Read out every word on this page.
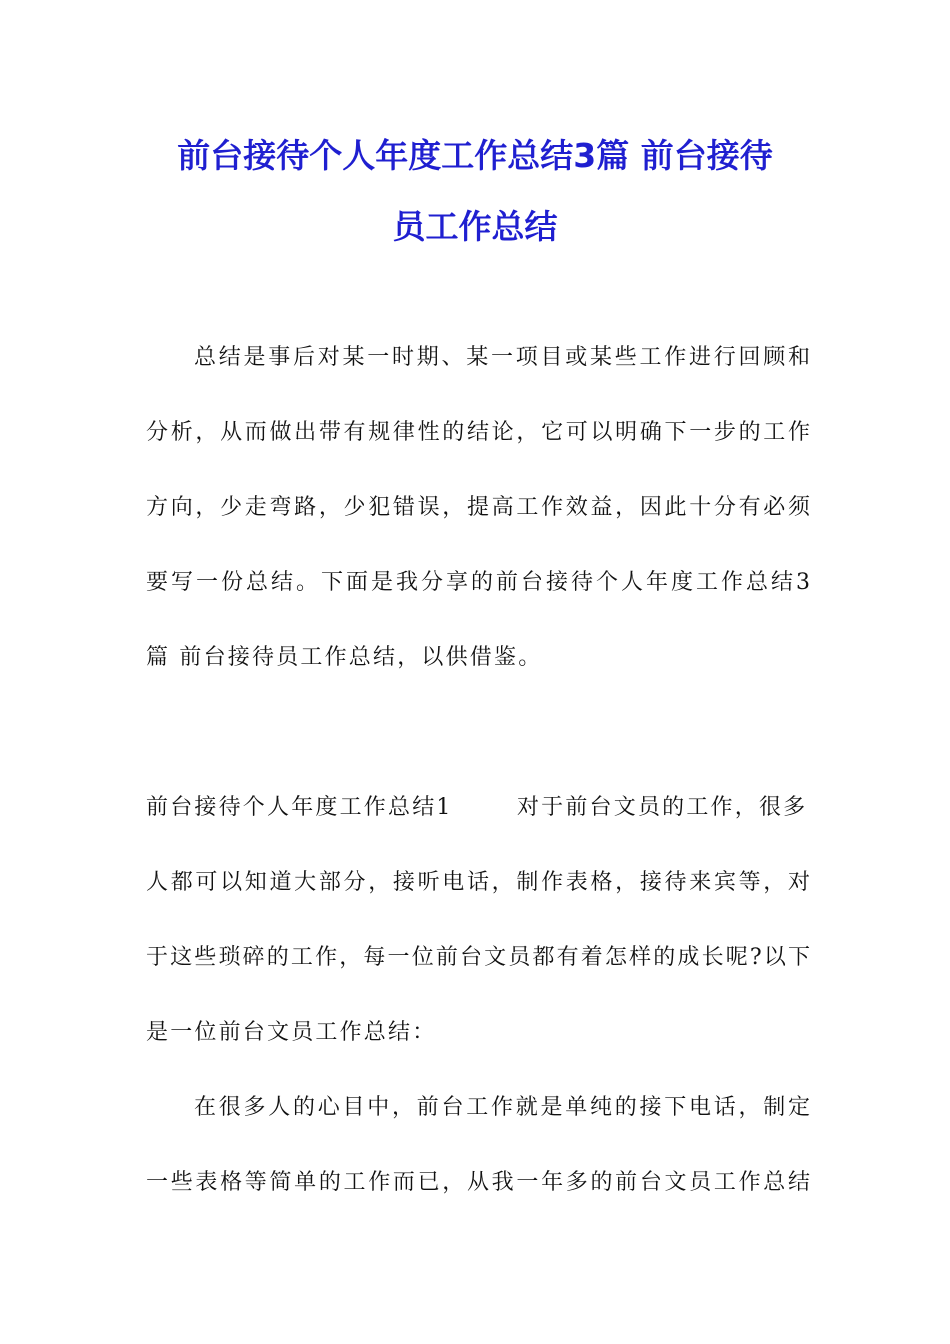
前台接待个人年度工作总结3篇 前台接待
员工作总结
总结是事后对某一时期、某一项目或某些工作进行回顾和
分析，从而做出带有规律性的结论，它可以明确下一步的工作
方向，少走弯路，少犯错误，提高工作效益，因此十分有必须
要写一份总结。下面是我分享的前台接待个人年度工作总结3
篇 前台接待员工作总结，以供借鉴。
前台接待个人年度工作总结1       对于前台文员的工作，很多
人都可以知道大部分，接听电话，制作表格，接待来宾等，对
于这些琐碎的工作，每一位前台文员都有着怎样的成长呢?以下
是一位前台文员工作总结：
在很多人的心目中，前台工作就是单纯的接下电话，制定
一些表格等简单的工作而已，从我一年多的前台文员工作总结
